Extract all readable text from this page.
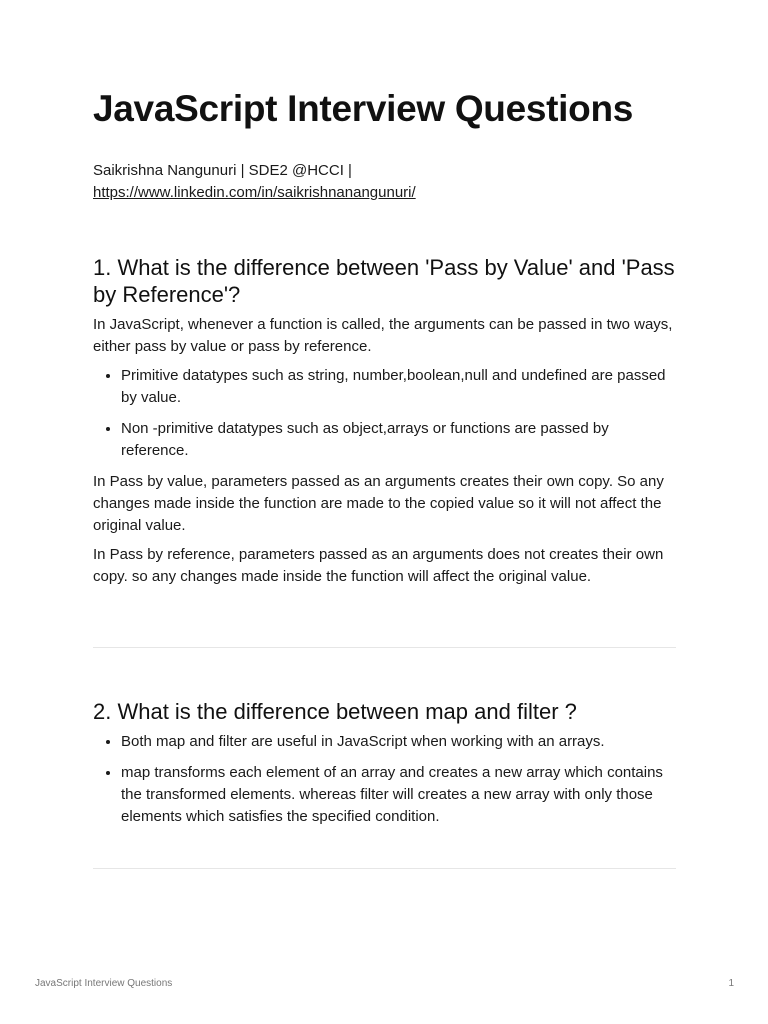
JavaScript Interview Questions
Saikrishna Nangunuri | SDE2 @HCCI |
https://www.linkedin.com/in/saikrishnanangunuri/
1. What is the difference between 'Pass by Value' and 'Pass by Reference'?

In JavaScript, whenever a function is called, the arguments can be passed in two ways, either pass by value or pass by reference.

• Primitive datatypes such as string, number,boolean,null and undefined are passed by value.
• Non -primitive datatypes such as object,arrays or functions are passed by reference.

In Pass by value, parameters passed as an arguments creates their own copy. So any changes made inside the function are made to the copied value so it will not affect the original value.

In Pass by reference, parameters passed as an arguments does not creates their own copy. so any changes made inside the function will affect the original value.

2. What is the difference between map and filter ?
• Both map and filter are useful in JavaScript when working with an arrays.
• map transforms each element of an array and creates a new array which contains the transformed elements. whereas filter will creates a new array with only those elements which satisfies the specified condition.
JavaScript Interview Questions	1
